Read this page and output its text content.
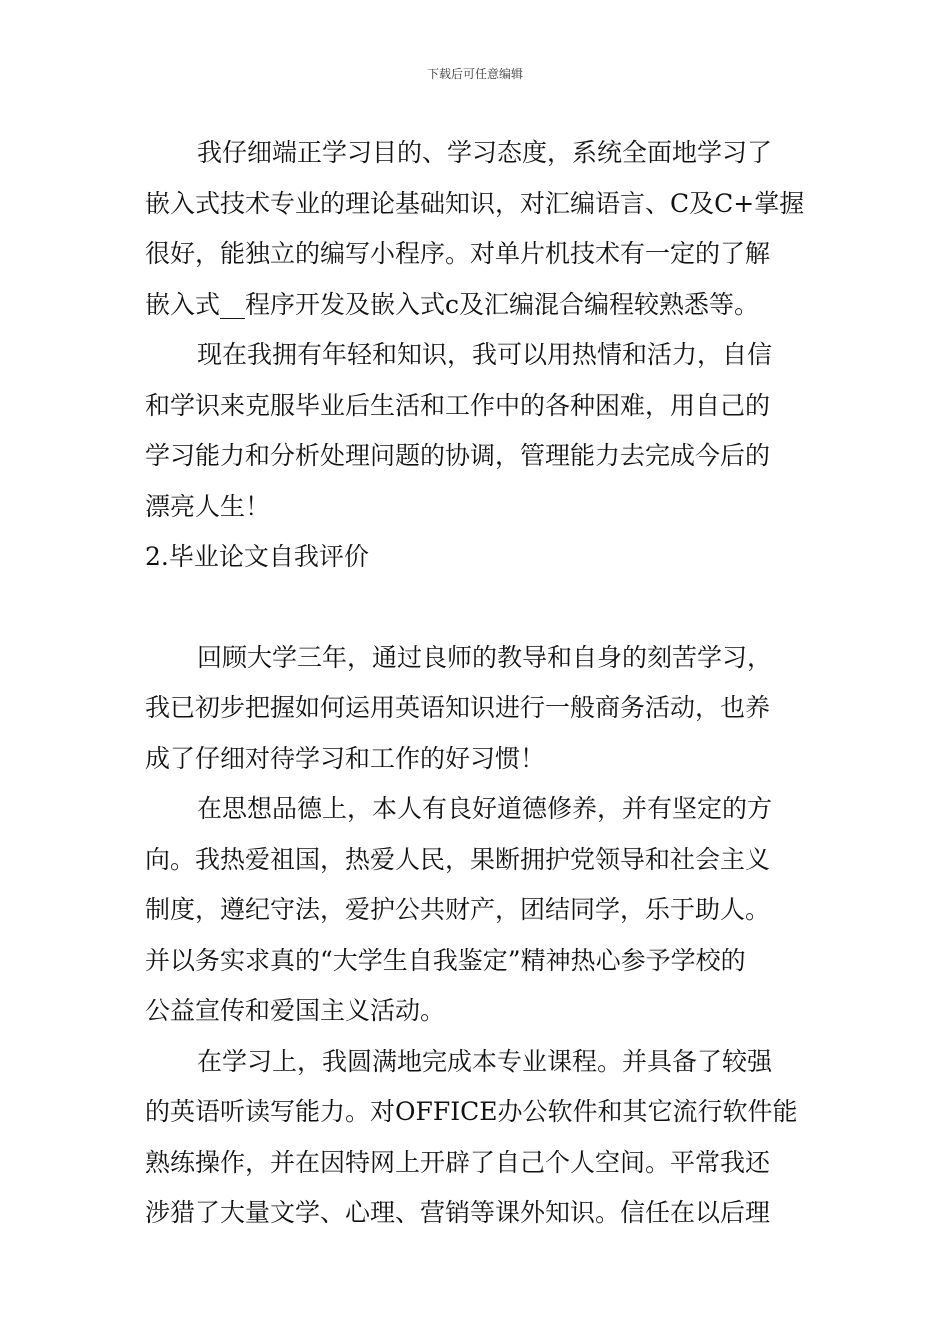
下载后可任意编辑

我仔细端正学习目的、学习态度，系统全面地学习了
嵌入式技术专业的理论基础知识，对汇编语言、C及C+掌握
很好，能独立的编写小程序。对单片机技术有一定的了解
嵌入式__程序开发及嵌入式c及汇编混合编程较熟悉等。

现在我拥有年轻和知识，我可以用热情和活力，自信
和学识来克服毕业后生活和工作中的各种困难，用自己的
学习能力和分析处理问题的协调，管理能力去完成今后的
漂亮人生！

2.毕业论文自我评价

回顾大学三年，通过良师的教导和自身的刻苦学习，
我已初步把握如何运用英语知识进行一般商务活动，也养
成了仔细对待学习和工作的好习惯！

在思想品德上，本人有良好道德修养，并有坚定的方
向。我热爱祖国，热爱人民，果断拥护党领导和社会主义
制度，遵纪守法，爱护公共财产，团结同学，乐于助人。
并以务实求真的“大学生自我鉴定”精神热心参予学校的
公益宣传和爱国主义活动。

在学习上，我圆满地完成本专业课程。并具备了较强
的英语听读写能力。对OFFICE办公软件和其它流行软件能
熟练操作，并在因特网上开辟了自己个人空间。平常我还
涉猎了大量文学、心理、营销等课外知识。信任在以后理
